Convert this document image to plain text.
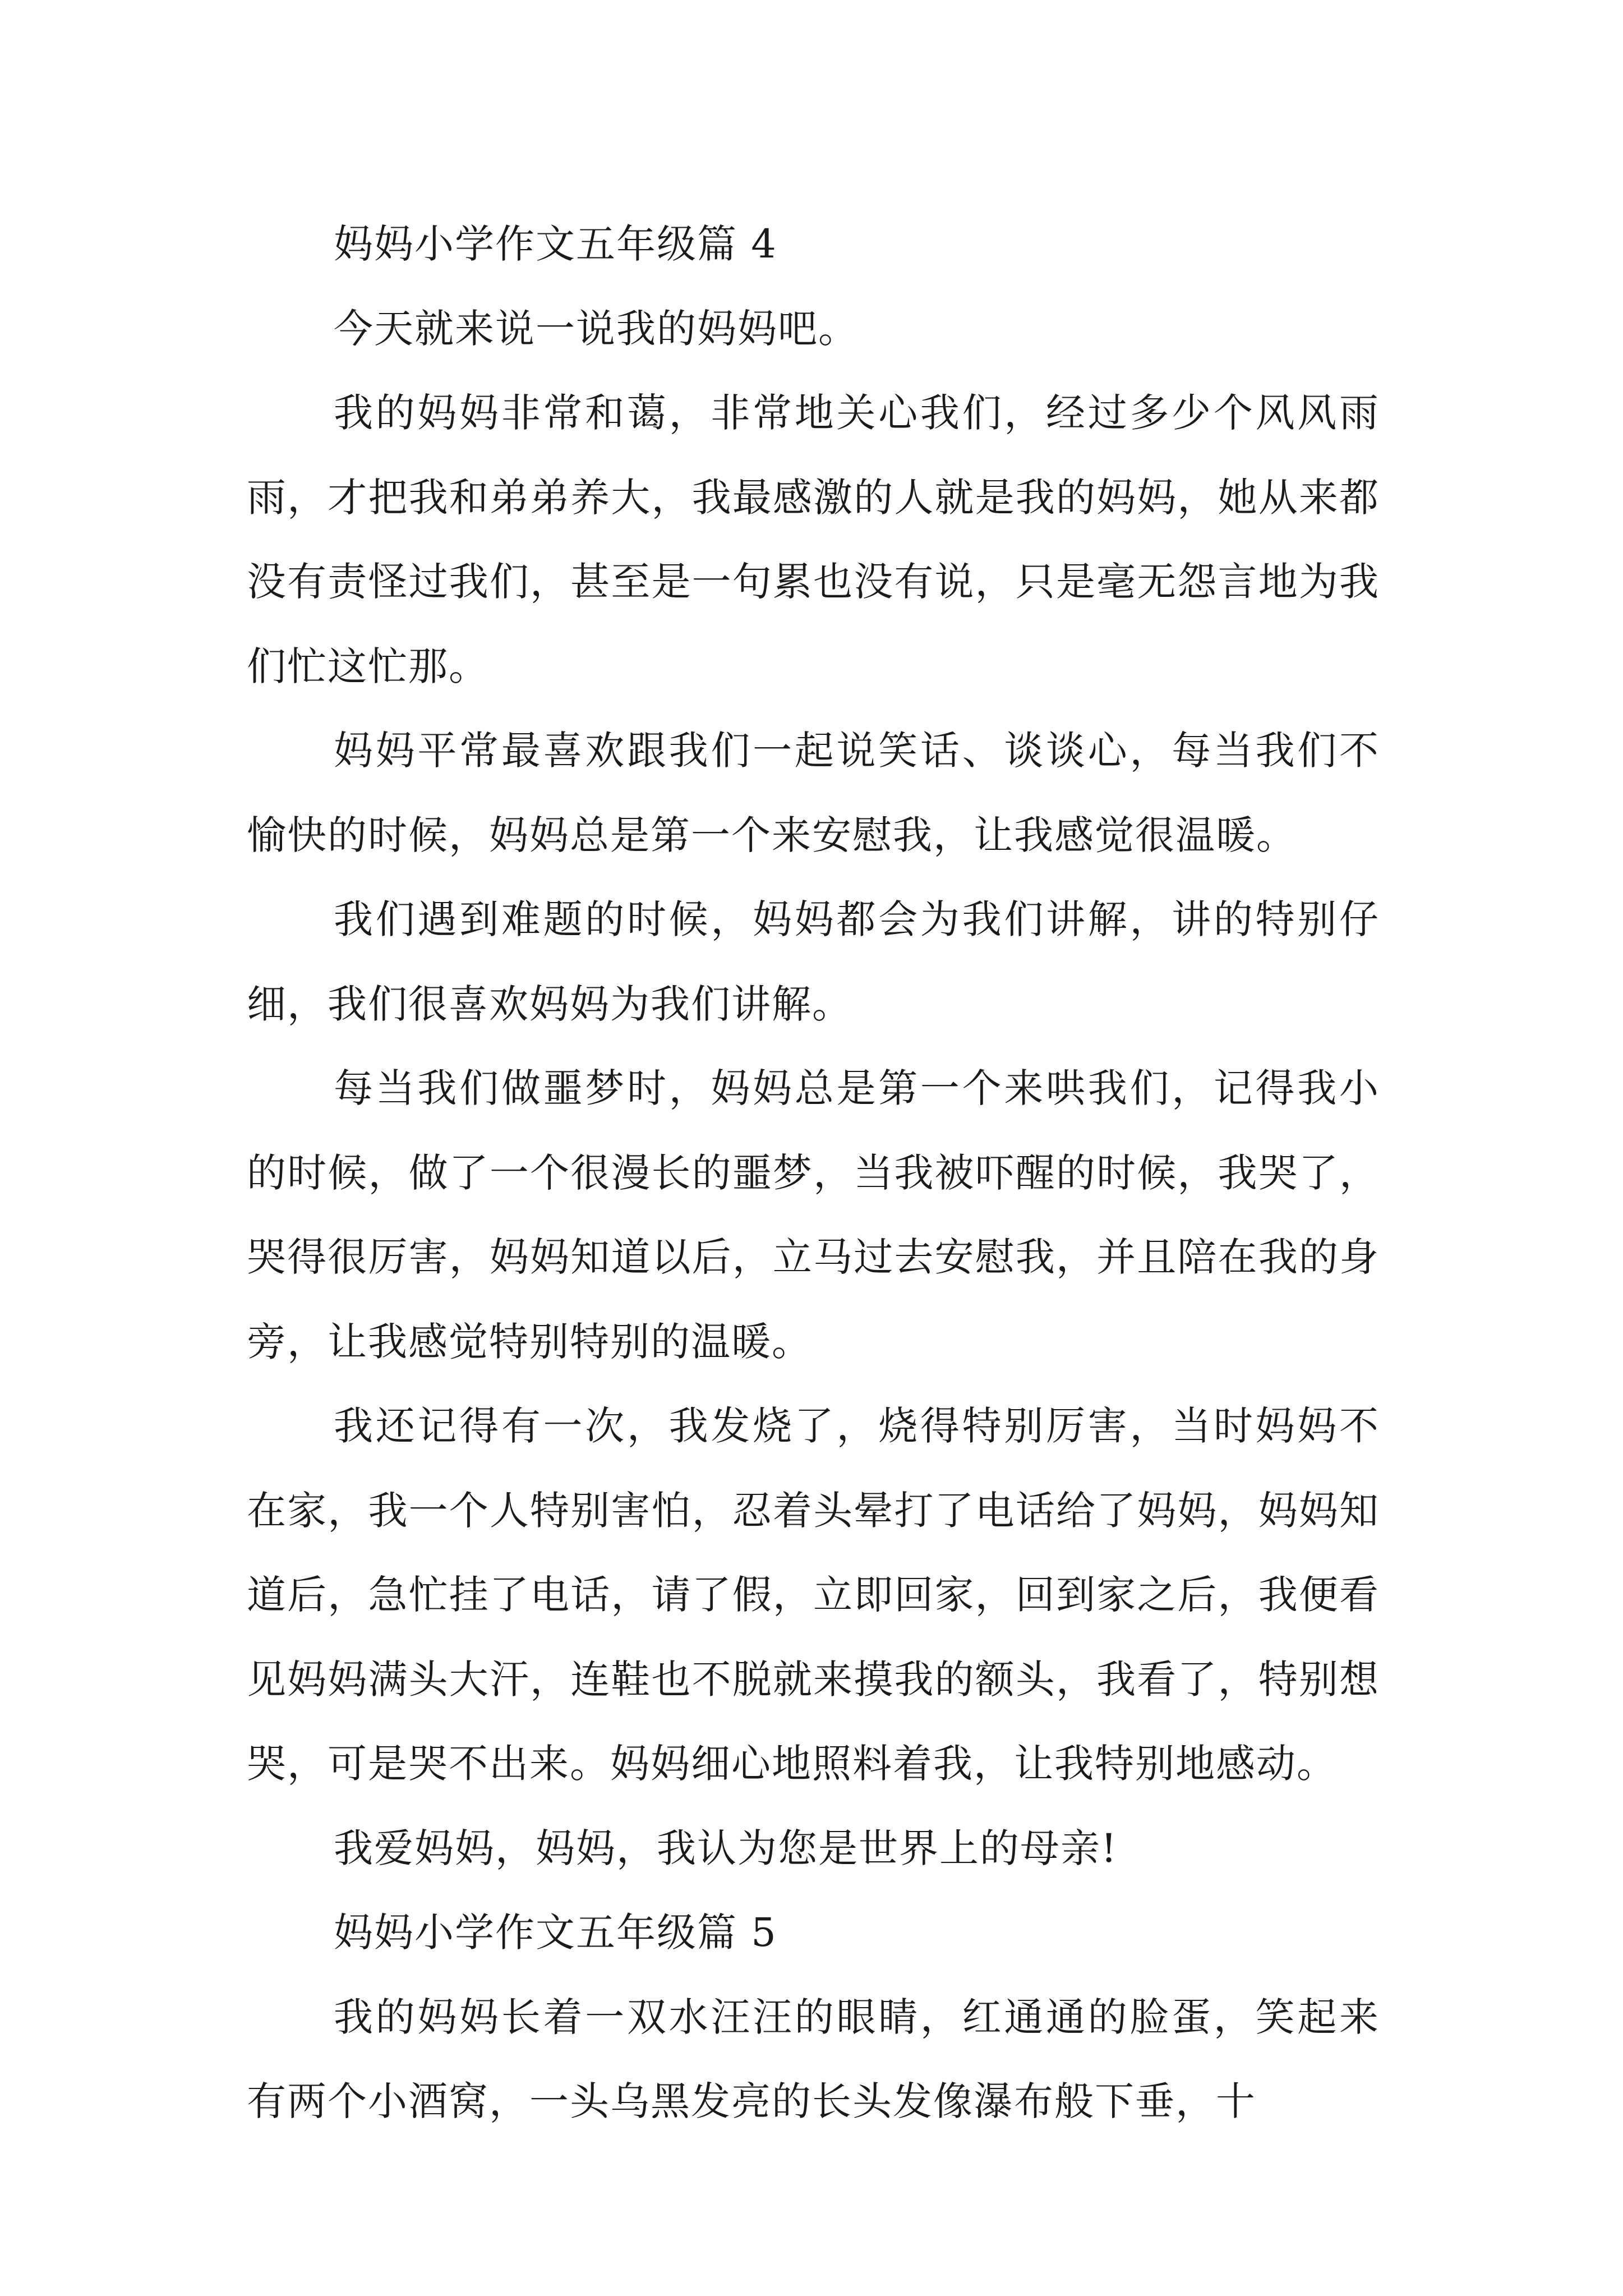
妈妈小学作文五年级篇 4

今天就来说一说我的妈妈吧。

我的妈妈非常和蔼，非常地关心我们，经过多少个风风雨雨，才把我和弟弟养大，我最感激的人就是我的妈妈，她从来都没有责怪过我们，甚至是一句累也没有说，只是毫无怨言地为我们忙这忙那。

妈妈平常最喜欢跟我们一起说笑话、谈谈心，每当我们不愉快的时候，妈妈总是第一个来安慰我，让我感觉很温暖。

我们遇到难题的时候，妈妈都会为我们讲解，讲的特别仔细，我们很喜欢妈妈为我们讲解。

每当我们做噩梦时，妈妈总是第一个来哄我们，记得我小的时候，做了一个很漫长的噩梦，当我被吓醒的时候，我哭了，哭得很厉害，妈妈知道以后，立马过去安慰我，并且陪在我的身旁，让我感觉特别特别的温暖。

我还记得有一次，我发烧了，烧得特别厉害，当时妈妈不在家，我一个人特别害怕，忍着头晕打了电话给了妈妈，妈妈知道后，急忙挂了电话，请了假，立即回家，回到家之后，我便看见妈妈满头大汗，连鞋也不脱就来摸我的额头，我看了，特别想哭，可是哭不出来。妈妈细心地照料着我，让我特别地感动。

我爱妈妈，妈妈，我认为您是世界上的母亲!

妈妈小学作文五年级篇 5

我的妈妈长着一双水汪汪的眼睛，红通通的脸蛋，笑起来有两个小酒窝，一头乌黑发亮的长头发像瀑布般下垂，十
